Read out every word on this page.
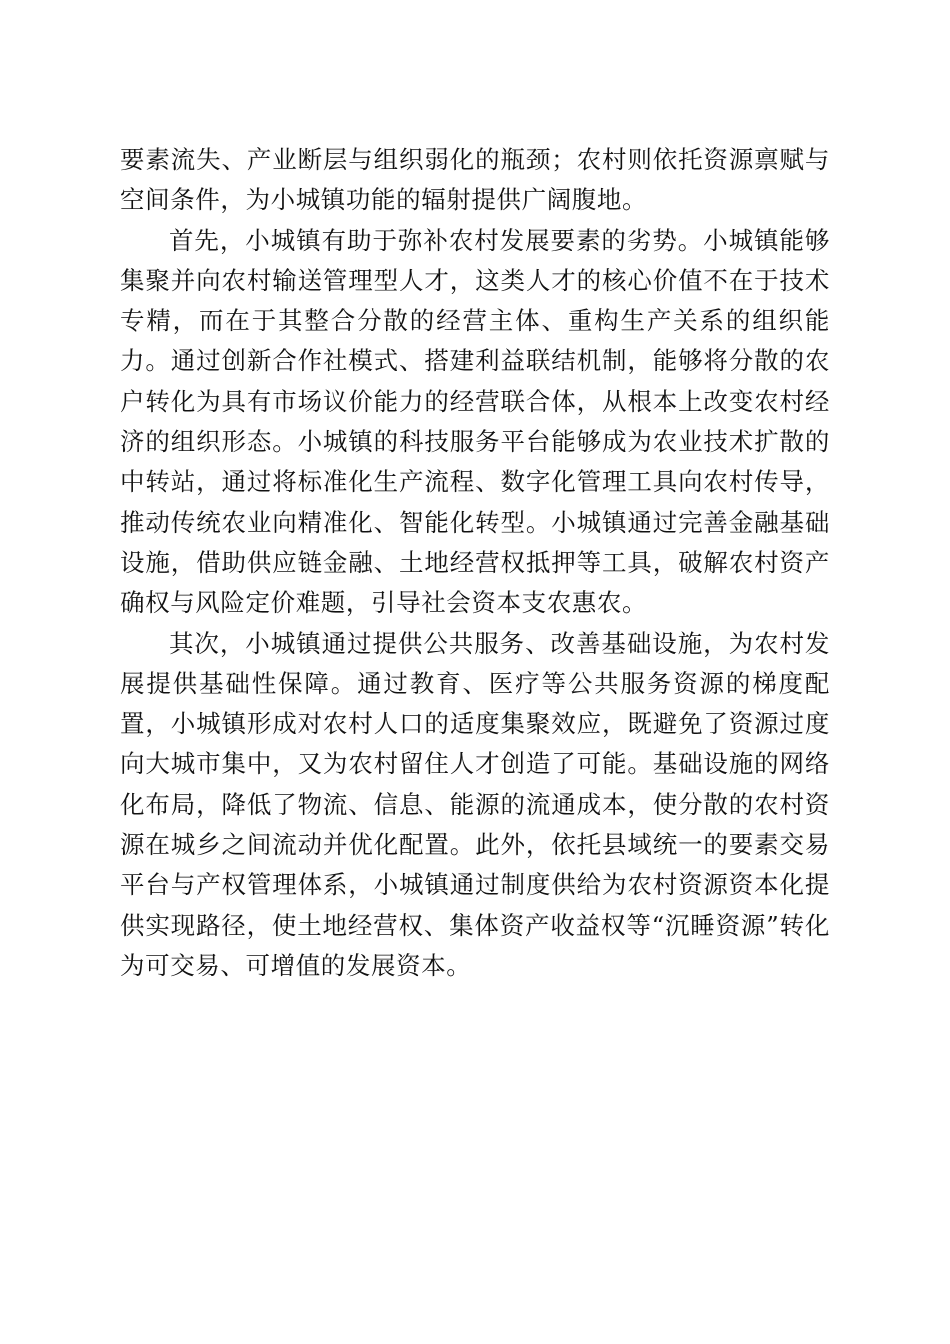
要素流失、产业断层与组织弱化的瓶颈；农村则依托资源禀赋与空间条件，为小城镇功能的辐射提供广阔腹地。

首先，小城镇有助于弥补农村发展要素的劣势。小城镇能够集聚并向农村输送管理型人才，这类人才的核心价值不在于技术专精，而在于其整合分散的经营主体、重构生产关系的组织能力。通过创新合作社模式、搭建利益联结机制，能够将分散的农户转化为具有市场议价能力的经营联合体，从根本上改变农村经济的组织形态。小城镇的科技服务平台能够成为农业技术扩散的中转站，通过将标准化生产流程、数字化管理工具向农村传导，推动传统农业向精准化、智能化转型。小城镇通过完善金融基础设施，借助供应链金融、土地经营权抵押等工具，破解农村资产确权与风险定价难题，引导社会资本支农惠农。

其次，小城镇通过提供公共服务、改善基础设施，为农村发展提供基础性保障。通过教育、医疗等公共服务资源的梯度配置，小城镇形成对农村人口的适度集聚效应，既避免了资源过度向大城市集中，又为农村留住人才创造了可能。基础设施的网络化布局，降低了物流、信息、能源的流通成本，使分散的农村资源在城乡之间流动并优化配置。此外，依托县域统一的要素交易平台与产权管理体系，小城镇通过制度供给为农村资源资本化提供实现路径，使土地经营权、集体资产收益权等“沉睡资源”转化为可交易、可增值的发展资本。
